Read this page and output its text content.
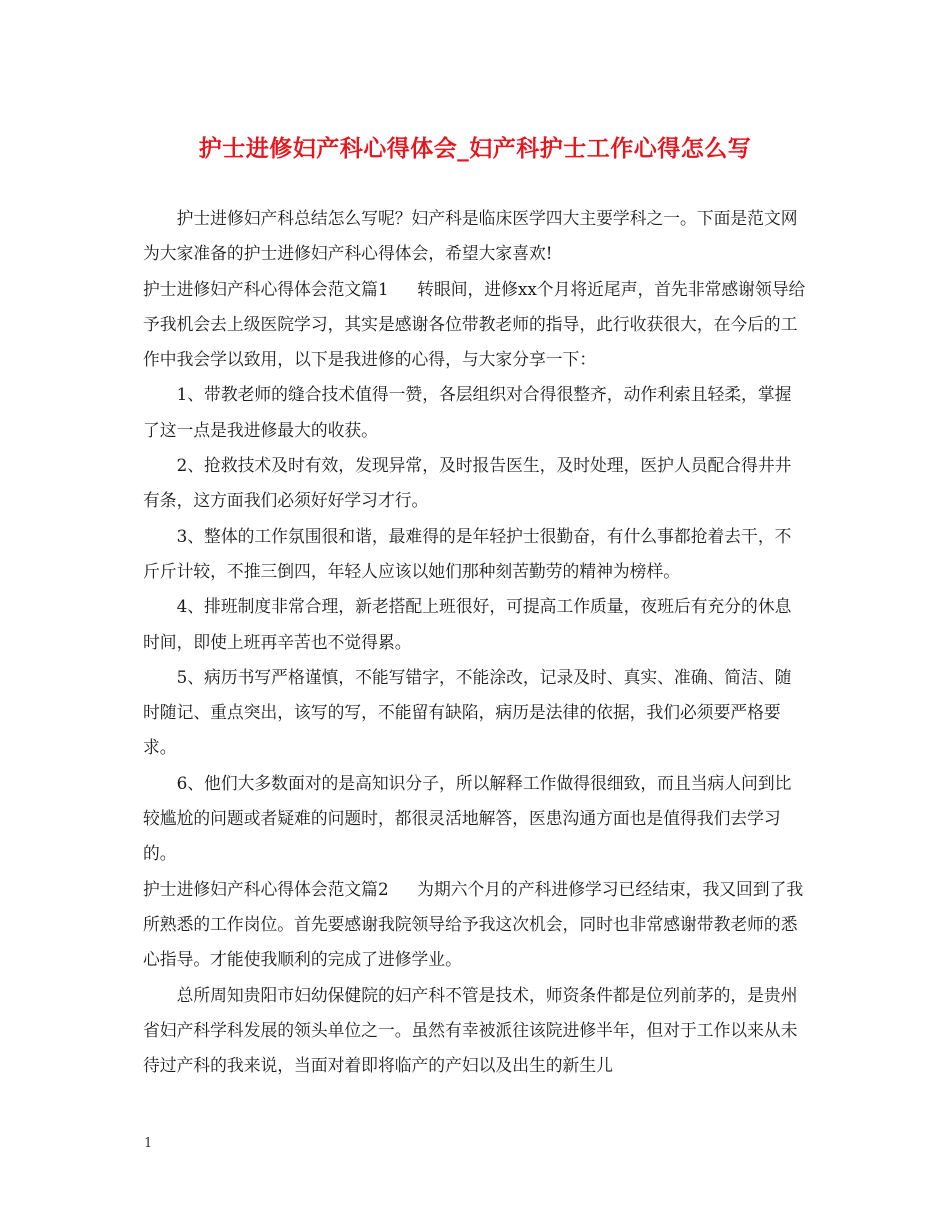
护士进修妇产科心得体会_妇产科护士工作心得怎么写

护士进修妇产科总结怎么写呢？妇产科是临床医学四大主要学科之一。下面是范文网为大家准备的护士进修妇产科心得体会，希望大家喜欢!

护士进修妇产科心得体会范文篇1 转眼间，进修xx个月将近尾声，首先非常感谢领导给予我机会去上级医院学习，其实是感谢各位带教老师的指导，此行收获很大，在今后的工作中我会学以致用，以下是我进修的心得，与大家分享一下：

1、带教老师的缝合技术值得一赞，各层组织对合得很整齐，动作利索且轻柔，掌握了这一点是我进修最大的收获。

2、抢救技术及时有效，发现异常，及时报告医生，及时处理，医护人员配合得井井有条，这方面我们必须好好学习才行。

3、整体的工作氛围很和谐，最难得的是年轻护士很勤奋，有什么事都抢着去干，不斤斤计较，不推三倒四，年轻人应该以她们那种刻苦勤劳的精神为榜样。

4、排班制度非常合理，新老搭配上班很好，可提高工作质量，夜班后有充分的休息时间，即使上班再辛苦也不觉得累。

5、病历书写严格谨慎，不能写错字，不能涂改，记录及时、真实、准确、简洁、随时随记、重点突出，该写的写，不能留有缺陷，病历是法律的依据，我们必须要严格要求。

6、他们大多数面对的是高知识分子，所以解释工作做得很细致，而且当病人问到比较尴尬的问题或者疑难的问题时，都很灵活地解答，医患沟通方面也是值得我们去学习的。

护士进修妇产科心得体会范文篇2 为期六个月的产科进修学习已经结束，我又回到了我所熟悉的工作岗位。首先要感谢我院领导给予我这次机会，同时也非常感谢带教老师的悉心指导。才能使我顺利的完成了进修学业。

总所周知贵阳市妇幼保健院的妇产科不管是技术，师资条件都是位列前茅的，是贵州省妇产科学科发展的领头单位之一。虽然有幸被派往该院进修半年，但对于工作以来从未待过产科的我来说，当面对着即将临产的产妇以及出生的新生儿

1
